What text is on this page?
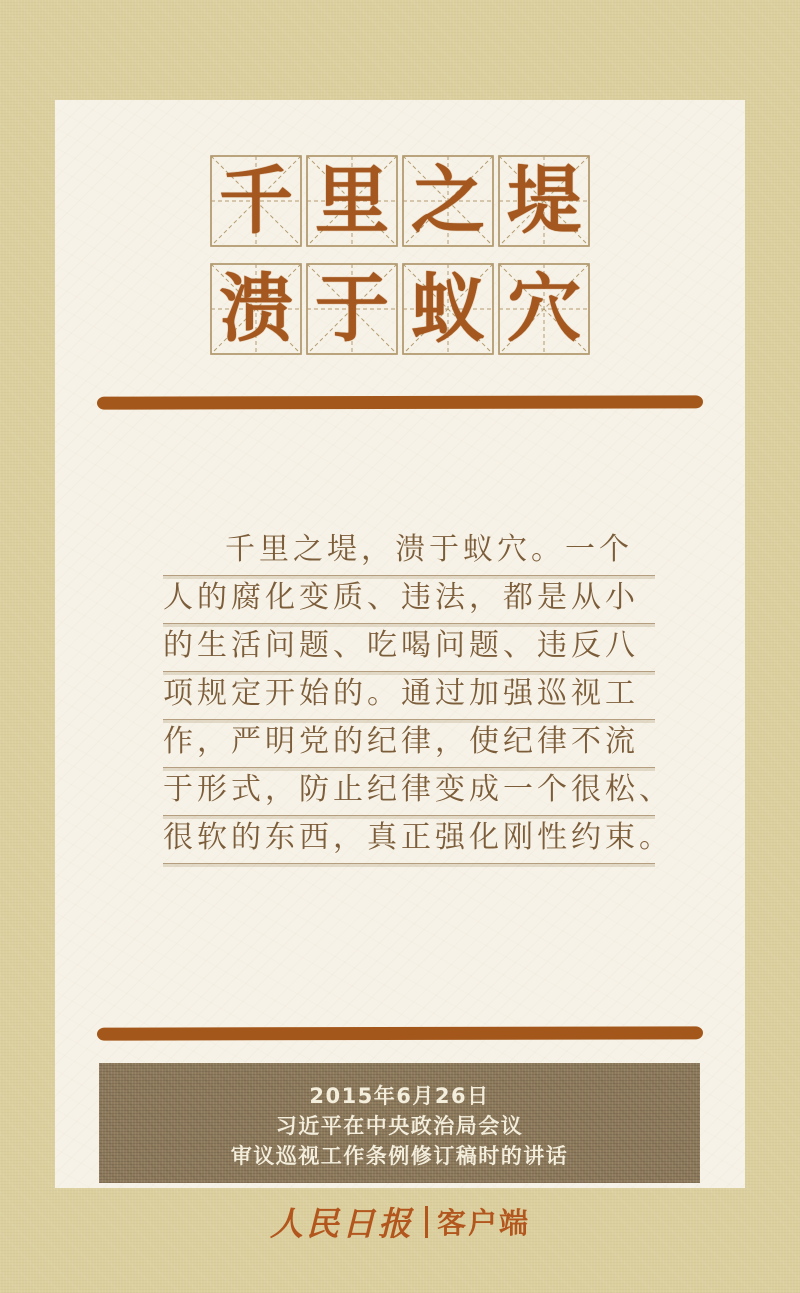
千 里 之 堤
溃 于 蚁 穴
千里之堤，溃于蚁穴。一个
人的腐化变质、违法，都是从小
的生活问题、吃喝问题、违反八
项规定开始的。通过加强巡视工
作，严明党的纪律，使纪律不流
于形式，防止纪律变成一个很松、
很软的东西，真正强化刚性约束。
2015年6月26日
习近平在中央政治局会议
审议巡视工作条例修订稿时的讲话
人民日报 客户端
